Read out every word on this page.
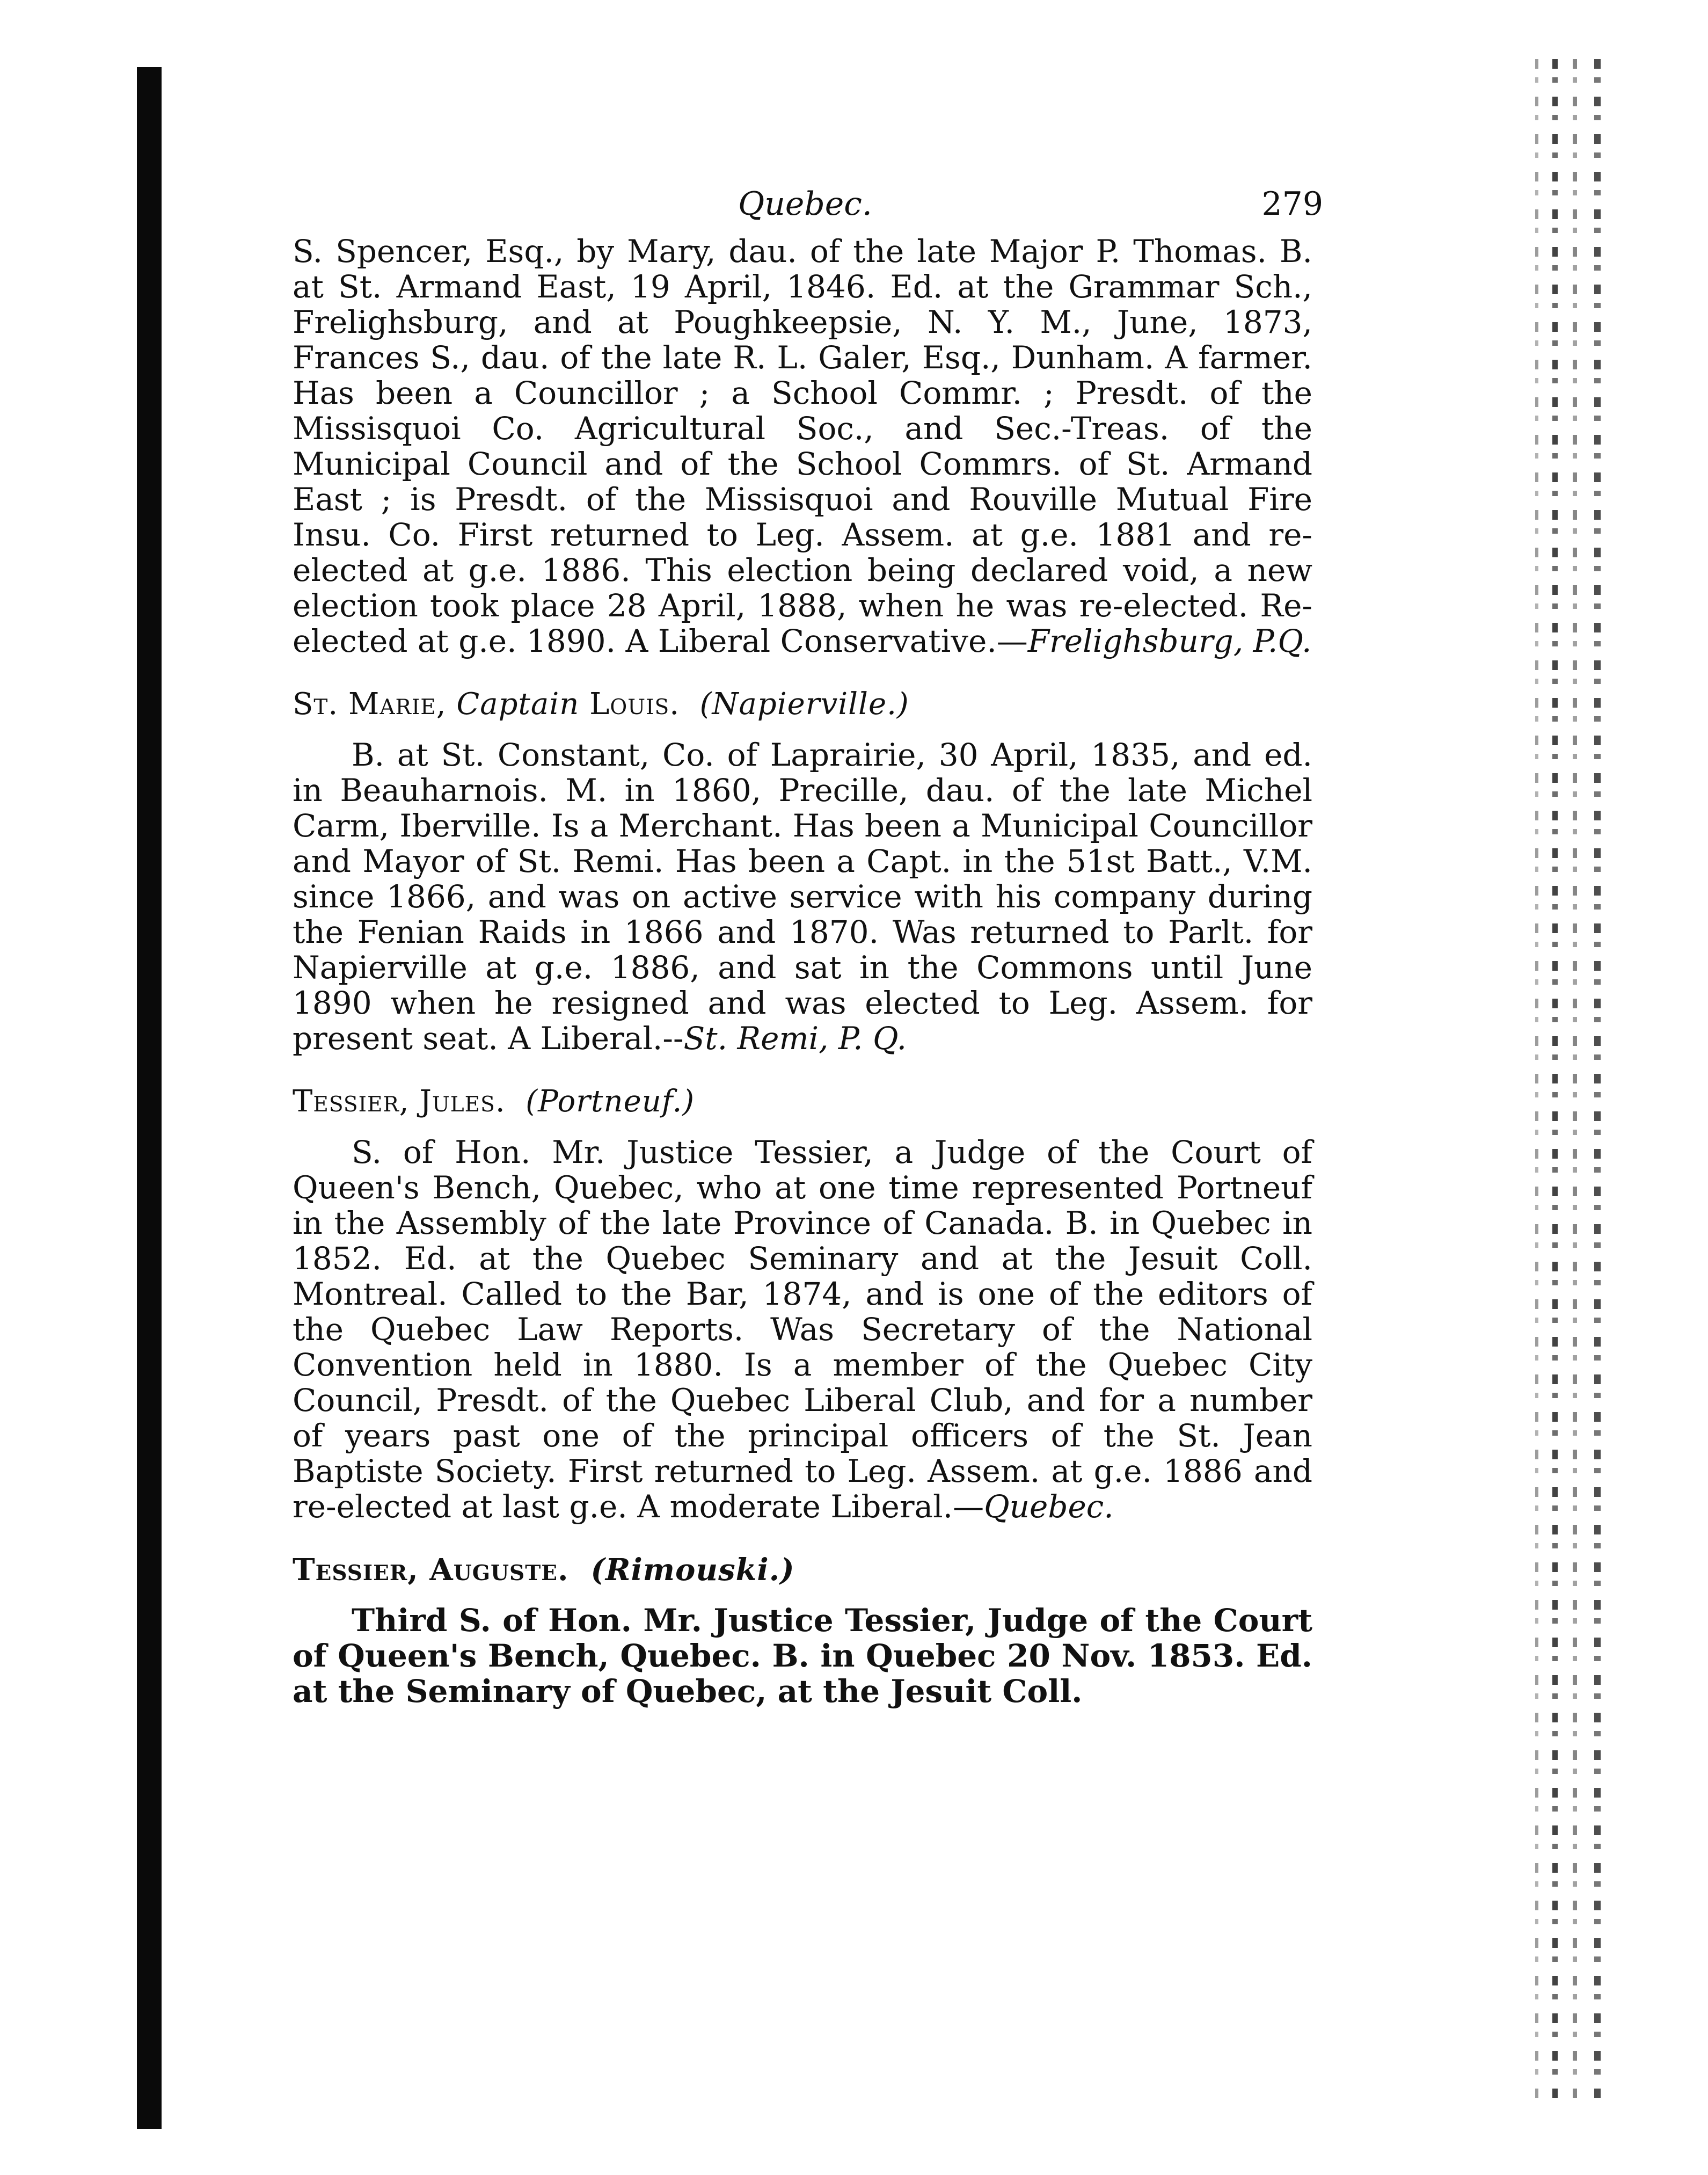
Quebec.	279

S. Spencer, Esq., by Mary, dau. of the late Major P. Thomas. B. at St. Armand East, 19 April, 1846. Ed. at the Grammar Sch., Frelighsburg, and at Poughkeepsie, N. Y. M., June, 1873, Frances S., dau. of the late R. L. Galer, Esq., Dunham. A farmer. Has been a Councillor ; a School Commr. ; Presdt. of the Missisquoi Co. Agricultural Soc., and Sec.-Treas. of the Municipal Council and of the School Commrs. of St. Armand East ; is Presdt. of the Missisquoi and Rouville Mutual Fire Insu. Co. First returned to Leg. Assem. at g.e. 1881 and re-elected at g.e. 1886. This election being declared void, a new election took place 28 April, 1888, when he was re-elected. Re-elected at g.e. 1890. A Liberal Conservative.—Frelighsburg, P.Q.

St. Marie, Captain Louis. (Napierville.)

B. at St. Constant, Co. of Laprairie, 30 April, 1835, and ed. in Beauharnois. M. in 1860, Precille, dau. of the late Michel Carm, Iberville. Is a Merchant. Has been a Municipal Councillor and Mayor of St. Remi. Has been a Capt. in the 51st Batt., V.M. since 1866, and was on active service with his company during the Fenian Raids in 1866 and 1870. Was returned to Parlt. for Napierville at g.e. 1886, and sat in the Commons until June 1890 when he resigned and was elected to Leg. Assem. for present seat. A Liberal.--St. Remi, P. Q.

Tessier, Jules. (Portneuf.)

S. of Hon. Mr. Justice Tessier, a Judge of the Court of Queen's Bench, Quebec, who at one time represented Portneuf in the Assembly of the late Province of Canada. B. in Quebec in 1852. Ed. at the Quebec Seminary and at the Jesuit Coll. Montreal. Called to the Bar, 1874, and is one of the editors of the Quebec Law Reports. Was Secretary of the National Convention held in 1880. Is a member of the Quebec City Council, Presdt. of the Quebec Liberal Club, and for a number of years past one of the principal officers of the St. Jean Baptiste Society. First returned to Leg. Assem. at g.e. 1886 and re-elected at last g.e. A moderate Liberal.—Quebec.

Tessier, Auguste. (Rimouski.)

Third S. of Hon. Mr. Justice Tessier, Judge of the Court of Queen's Bench, Quebec. B. in Quebec 20 Nov. 1853. Ed. at the Seminary of Quebec, at the Jesuit Coll.
